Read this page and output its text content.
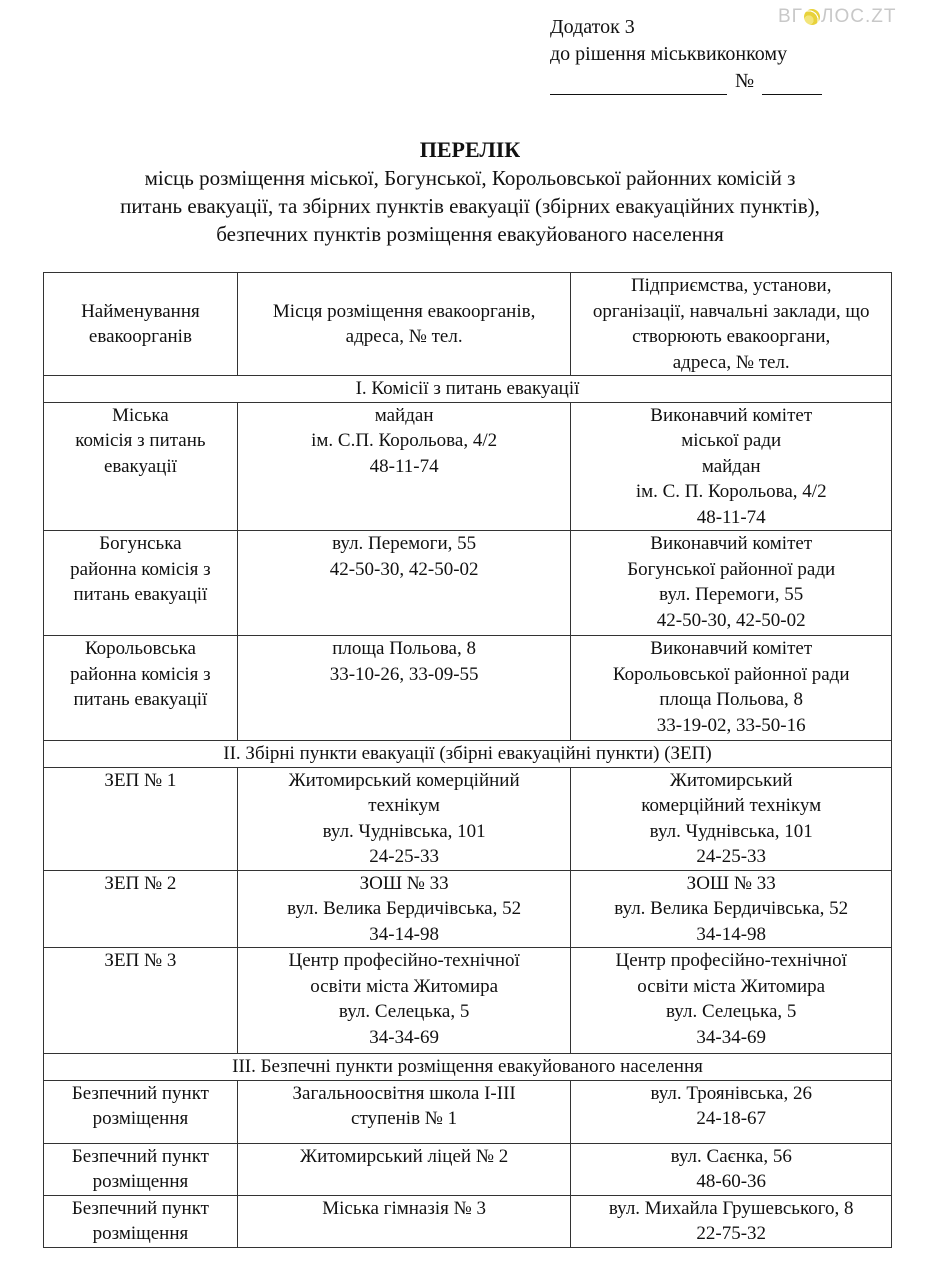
ВГ ЛОС.ZT
Додаток 3
до рішення міськвиконкому
№
ПЕРЕЛІК
місць розміщення міської, Богунської, Корольовської районних комісій з
питань евакуації, та збірних пунктів евакуації (збірних евакуаційних пунктів),
безпечних пунктів розміщення евакуйованого населення
Найменування
евакоорганів	Місця розміщення евакоорганів,
адреса, № тел.	Підприємства, установи,
організації, навчальні заклади, що
створюють евакооргани,
адреса, № тел.

І. Комісії з питань евакуації		

Міська
комісія з питань
евакуації	майдан
ім. С.П. Корольова, 4/2
48-11-74	Виконавчий комітет
міської ради
майдан
ім. С. П. Корольова, 4/2
48-11-74

Богунська
районна комісія з
питань евакуації	вул. Перемоги, 55
42-50-30, 42-50-02	Виконавчий комітет
Богунської районної ради
вул. Перемоги, 55
42-50-30, 42-50-02

Корольовська
районна комісія з
питань евакуації	площа Польова, 8
33-10-26, 33-09-55	Виконавчий комітет
Корольовської районної ради
площа Польова, 8
33-19-02, 33-50-16

ІІ. Збірні пункти евакуації (збірні евакуаційні пункти) (ЗЕП)		

ЗЕП № 1	Житомирський комерційний
технікум
вул. Чуднівська, 101
24-25-33	Житомирський
комерційний технікум
вул. Чуднівська, 101
24-25-33

ЗЕП № 2	ЗОШ № 33
вул. Велика Бердичівська, 52
34-14-98	ЗОШ № 33
вул. Велика Бердичівська, 52
34-14-98

ЗЕП № 3	Центр професійно-технічної
освіти міста Житомира
вул. Селецька, 5
34-34-69	Центр професійно-технічної
освіти міста Житомира
вул. Селецька, 5
34-34-69

ІІІ. Безпечні пункти розміщення евакуйованого населення		

Безпечний пункт
розміщення	Загальноосвітня школа І-ІІІ
ступенів № 1	вул. Троянівська, 26
24-18-67

Безпечний пункт
розміщення	Житомирський ліцей № 2	вул. Саєнка, 56
48-60-36

Безпечний пункт
розміщення	Міська гімназія № 3	вул. Михайла Грушевського, 8
22-75-32
